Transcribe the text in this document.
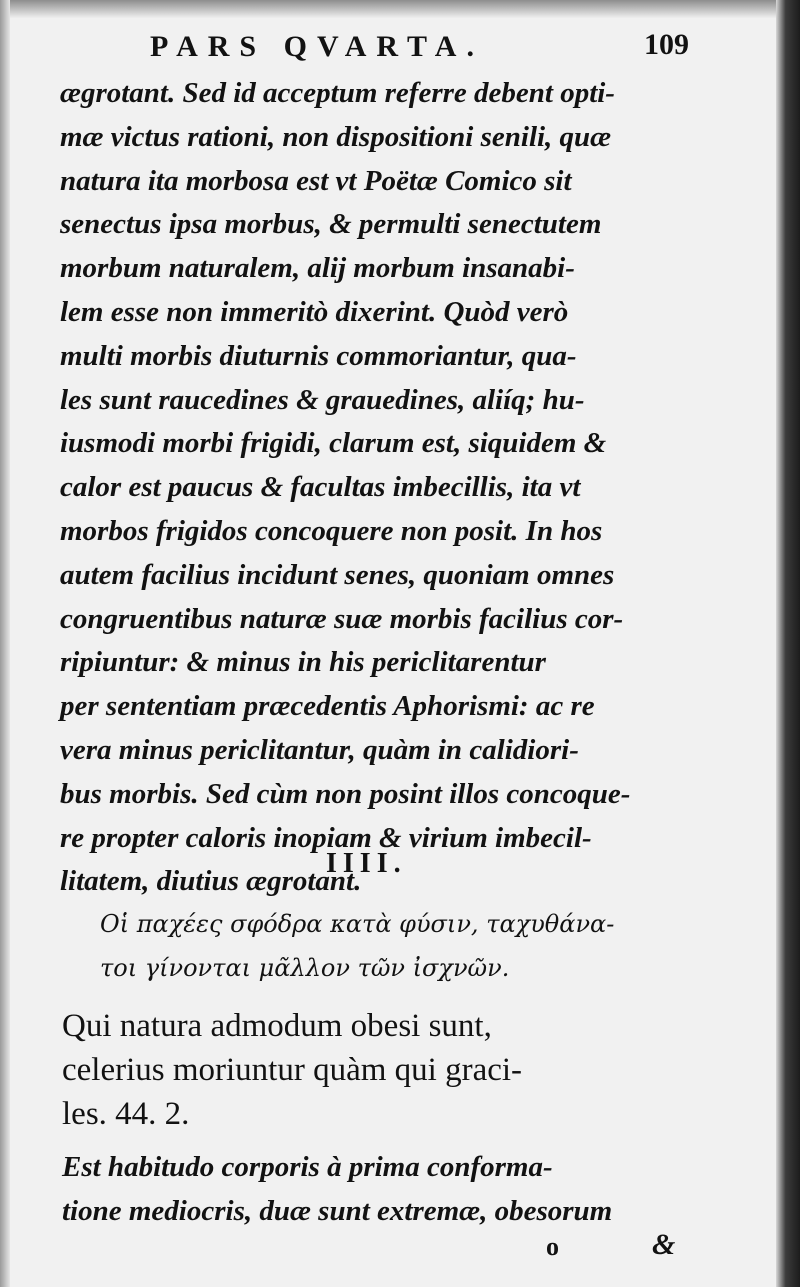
PARS QVARTA.	109
ægrotant. Sed id acceptum referre debent opti-
mæ victus rationi, non dispositioni senili, quæ
natura ita morbosa est vt Poëtæ Comico sit
senectus ipsa morbus, & permulti senectutem
morbum naturalem, alij morbum insanabi-
lem esse non immeritò dixerint. Quòd verò
multi morbis diuturnis commoriantur, qua-
les sunt raucedines & grauedines, aliíq; hu-
iusmodi morbi frigidi, clarum est, siquidem &
calor est paucus & facultas imbecillis, ita vt
morbos frigidos concoquere non posit. In hos
autem facilius incidunt senes, quoniam omnes
congruentibus naturæ suæ morbis facilius cor-
ripiuntur: & minus in his periclitarentur
per sententiam præcedentis Aphorismi: ac re
vera minus periclitantur, quàm in calidiori-
bus morbis. Sed cùm non posint illos concoque-
re propter caloris inopiam & virium imbecil-
litatem, diutius ægrotant.
IIII.
Οἱ παχέες σφόδρα κατὰ φύσιν, ταχυθάνα-
τοι γίνονται μᾶλλον τῶν ἰσχνῶν.
Qui natura admodum obesi sunt,
celerius moriuntur quàm qui graci-
les. 44. 2.
Est habitudo corporis à prima conforma-
tione mediocris, duæ sunt extremæ, obesorum
o	&
